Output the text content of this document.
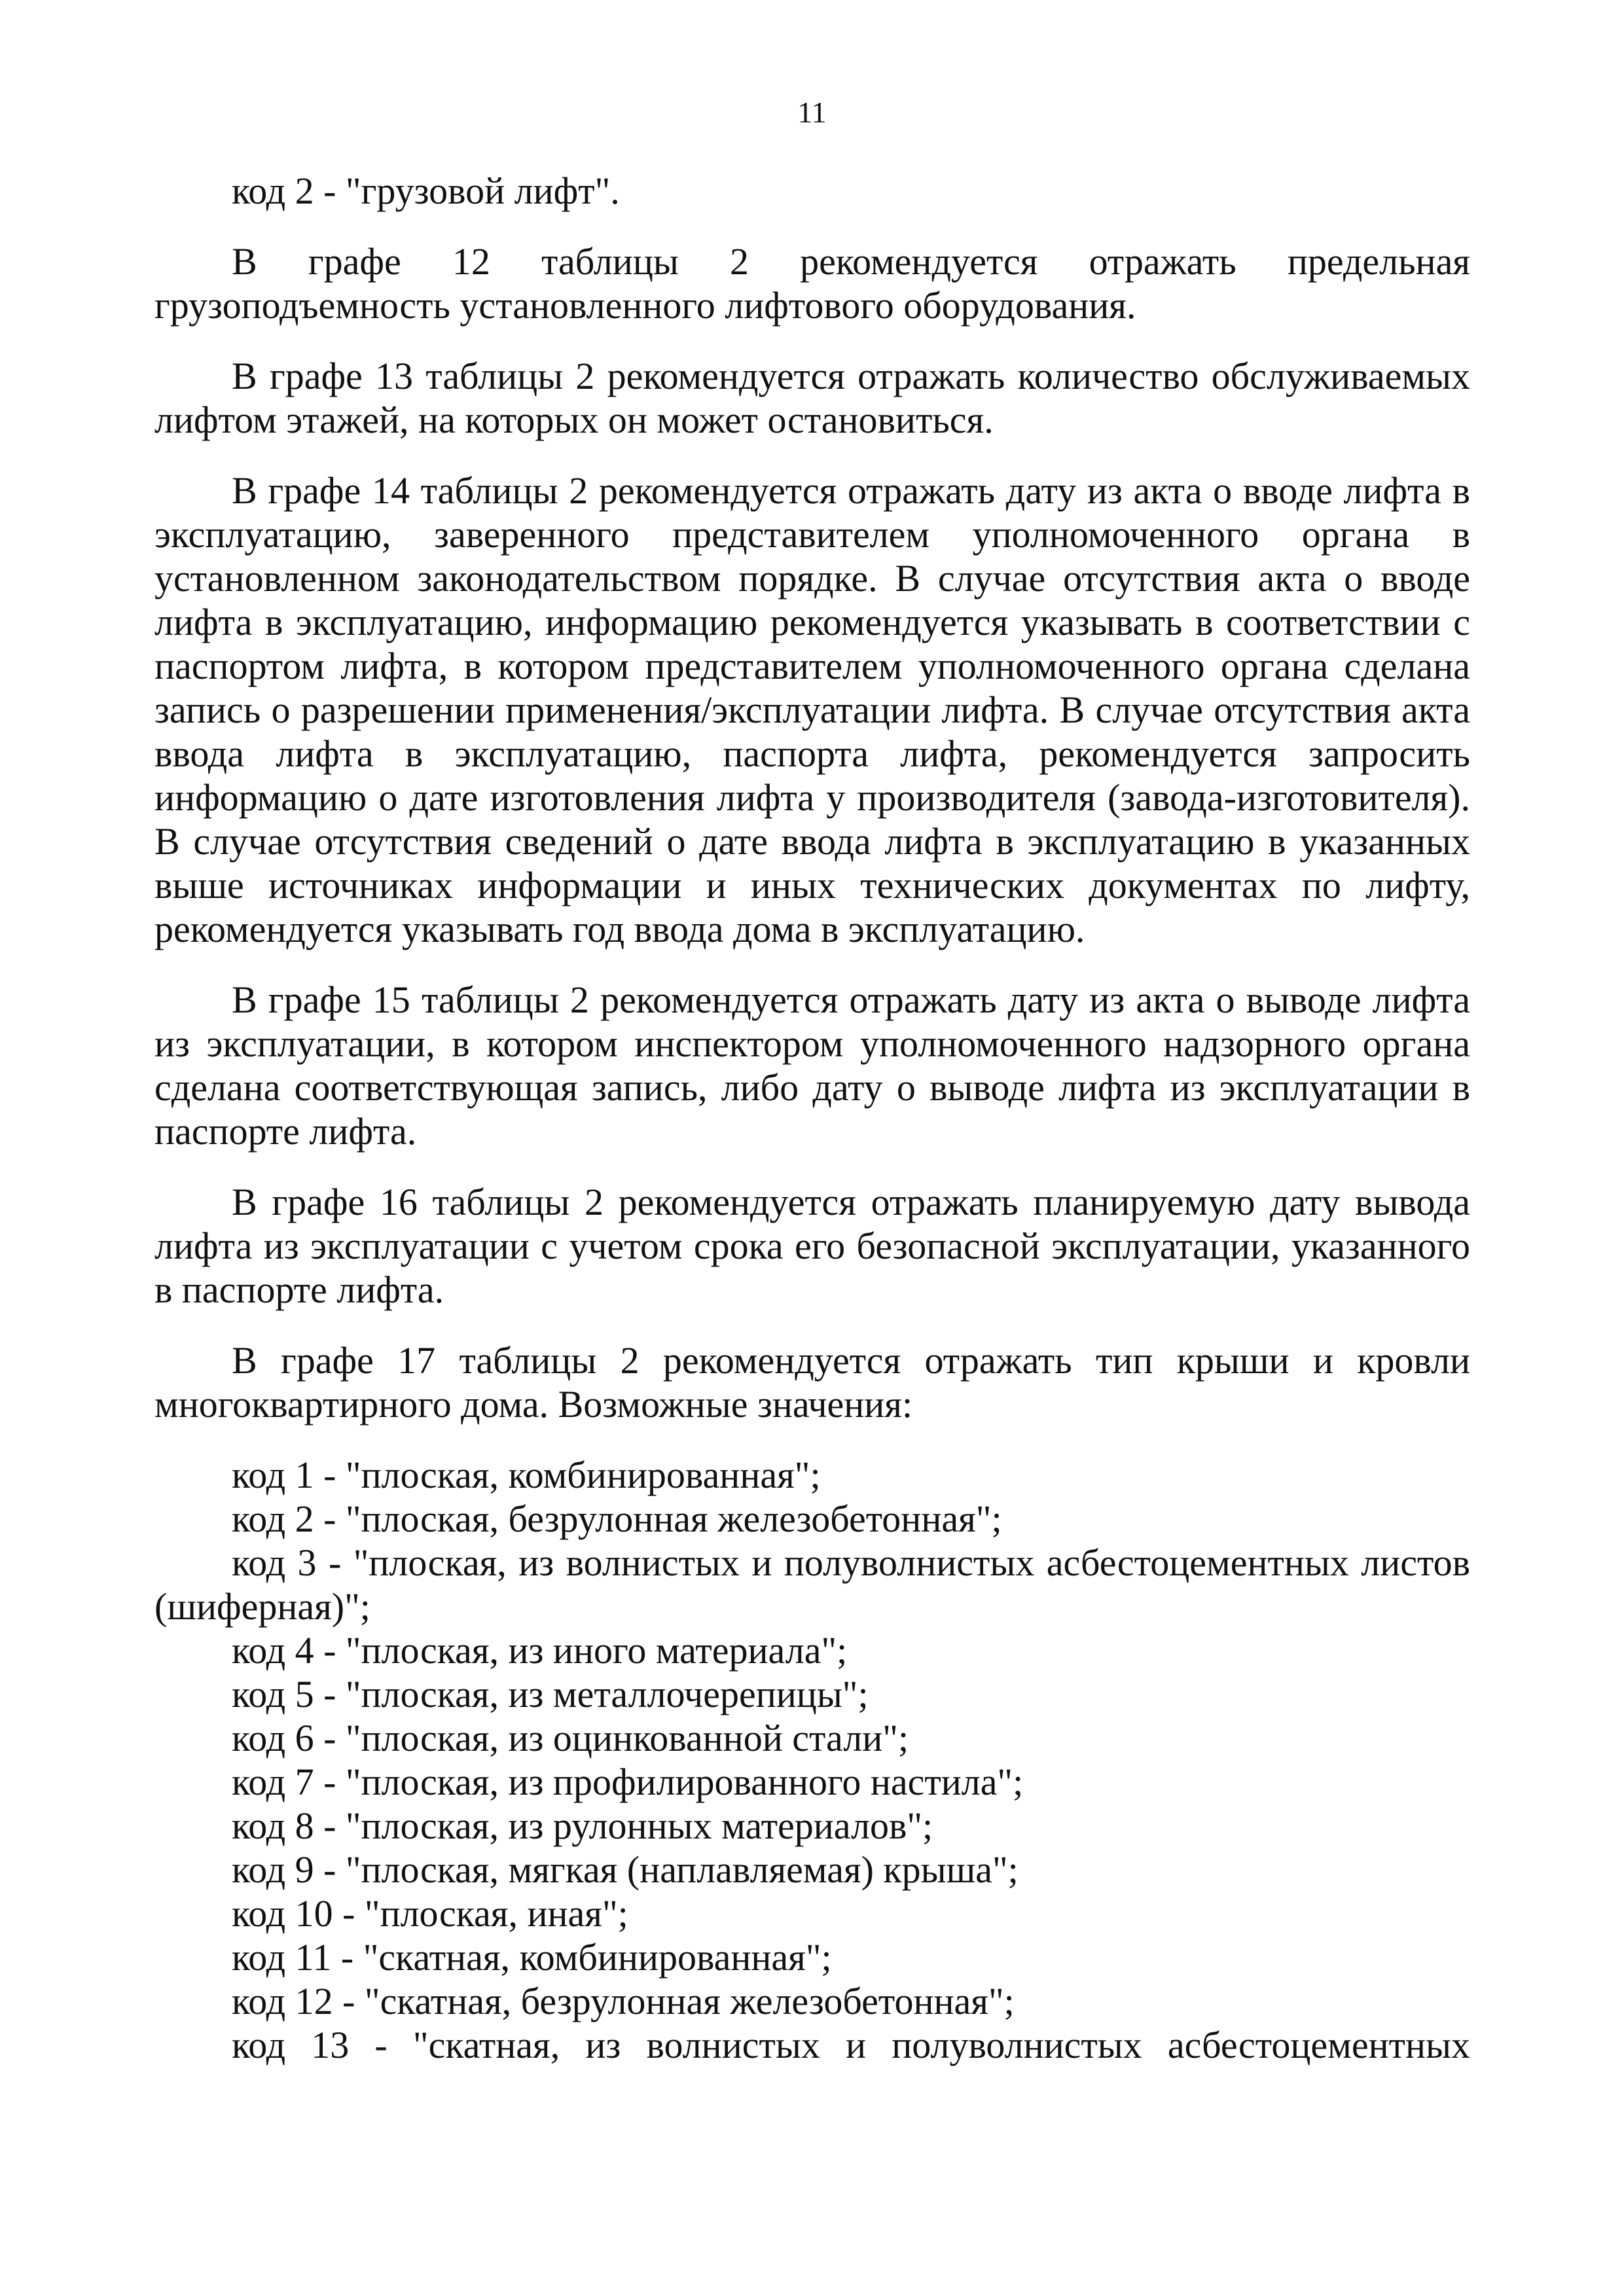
11

код 2 - "грузовой лифт".

В графе 12 таблицы 2 рекомендуется отражать предельная грузоподъемность установленного лифтового оборудования.

В графе 13 таблицы 2 рекомендуется отражать количество обслуживаемых лифтом этажей, на которых он может остановиться.

В графе 14 таблицы 2 рекомендуется отражать дату из акта о вводе лифта в эксплуатацию, заверенного представителем уполномоченного органа в установленном законодательством порядке. В случае отсутствия акта о вводе лифта в эксплуатацию, информацию рекомендуется указывать в соответствии с паспортом лифта, в котором представителем уполномоченного органа сделана запись о разрешении применения/эксплуатации лифта. В случае отсутствия акта ввода лифта в эксплуатацию, паспорта лифта, рекомендуется запросить информацию о дате изготовления лифта у производителя (завода-изготовителя). В случае отсутствия сведений о дате ввода лифта в эксплуатацию в указанных выше источниках информации и иных технических документах по лифту, рекомендуется указывать год ввода дома в эксплуатацию.

В графе 15 таблицы 2 рекомендуется отражать дату из акта о выводе лифта из эксплуатации, в котором инспектором уполномоченного надзорного органа сделана соответствующая запись, либо дату о выводе лифта из эксплуатации в паспорте лифта.

В графе 16 таблицы 2 рекомендуется отражать планируемую дату вывода лифта из эксплуатации с учетом срока его безопасной эксплуатации, указанного в паспорте лифта.

В графе 17 таблицы 2 рекомендуется отражать тип крыши и кровли многоквартирного дома. Возможные значения:

код 1 - "плоская, комбинированная";
код 2 - "плоская, безрулонная железобетонная";
код 3 - "плоская, из волнистых и полуволнистых асбестоцементных листов (шиферная)";
код 4 - "плоская, из иного материала";
код 5 - "плоская, из металлочерепицы";
код 6 - "плоская, из оцинкованной стали";
код 7 - "плоская, из профилированного настила";
код 8 - "плоская, из рулонных материалов";
код 9 - "плоская, мягкая (наплавляемая) крыша";
код 10 - "плоская, иная";
код 11 - "скатная, комбинированная";
код 12 - "скатная, безрулонная железобетонная";
код 13 - "скатная, из волнистых и полуволнистых асбестоцементных
